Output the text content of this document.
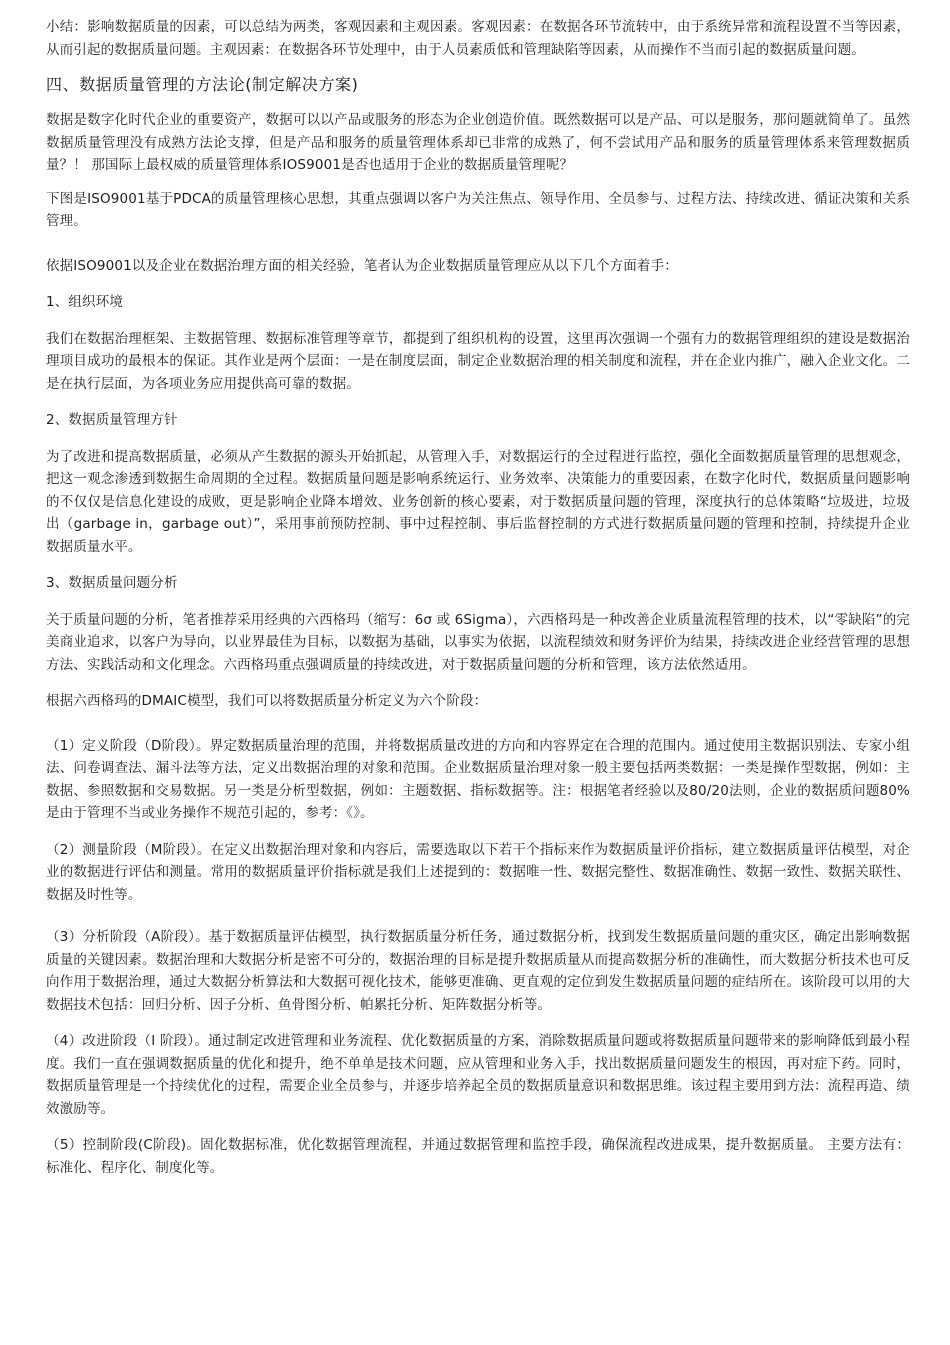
小结：影响数据质量的因素，可以总结为两类，客观因素和主观因素。客观因素：在数据各环节流转中，由于系统异常和流程设置不当等因素，从而引起的数据质量问题。主观因素：在数据各环节处理中，由于人员素质低和管理缺陷等因素，从而操作不当而引起的数据质量问题。

四、数据质量管理的方法论(制定解决方案)

数据是数字化时代企业的重要资产，数据可以以产品或服务的形态为企业创造价值。既然数据可以是产品、可以是服务，那问题就简单了。虽然数据质量管理没有成熟方法论支撑，但是产品和服务的质量管理体系却已非常的成熟了，何不尝试用产品和服务的质量管理体系来管理数据质量？！ 那国际上最权威的质量管理体系IOS9001是否也适用于企业的数据质量管理呢？

下图是ISO9001基于PDCA的质量管理核心思想，其重点强调以客户为关注焦点、领导作用、全员参与、过程方法、持续改进、循证决策和关系管理。

依据ISO9001以及企业在数据治理方面的相关经验，笔者认为企业数据质量管理应从以下几个方面着手：

1、组织环境

我们在数据治理框架、主数据管理、数据标准管理等章节，都提到了组织机构的设置，这里再次强调一个强有力的数据管理组织的建设是数据治理项目成功的最根本的保证。其作业是两个层面：一是在制度层面，制定企业数据治理的相关制度和流程，并在企业内推广，融入企业文化。二是在执行层面，为各项业务应用提供高可靠的数据。

2、数据质量管理方针

为了改进和提高数据质量，必须从产生数据的源头开始抓起，从管理入手，对数据运行的全过程进行监控，强化全面数据质量管理的思想观念，把这一观念渗透到数据生命周期的全过程。数据质量问题是影响系统运行、业务效率、决策能力的重要因素，在数字化时代，数据质量问题影响的不仅仅是信息化建设的成败，更是影响企业降本增效、业务创新的核心要素，对于数据质量问题的管理，深度执行的总体策略“垃圾进，垃圾出（garbage in，garbage out）”，采用事前预防控制、事中过程控制、事后监督控制的方式进行数据质量问题的管理和控制，持续提升企业数据质量水平。

3、数据质量问题分析

关于质量问题的分析，笔者推荐采用经典的六西格玛（缩写：6σ 或 6Sigma），六西格玛是一种改善企业质量流程管理的技术，以“零缺陷”的完美商业追求，以客户为导向，以业界最佳为目标，以数据为基础，以事实为依据，以流程绩效和财务评价为结果，持续改进企业经营管理的思想方法、实践活动和文化理念。六西格玛重点强调质量的持续改进，对于数据质量问题的分析和管理，该方法依然适用。

根据六西格玛的DMAIC模型，我们可以将数据质量分析定义为六个阶段：

（1）定义阶段（D阶段）。界定数据质量治理的范围，并将数据质量改进的方向和内容界定在合理的范围内。通过使用主数据识别法、专家小组法、问卷调查法、漏斗法等方法，定义出数据治理的对象和范围。企业数据质量治理对象一般主要包括两类数据：一类是操作型数据，例如：主数据、参照数据和交易数据。另一类是分析型数据，例如：主题数据、指标数据等。注：根据笔者经验以及80/20法则，企业的数据质问题80%是由于管理不当或业务操作不规范引起的，参考：《》。

（2）测量阶段（M阶段）。在定义出数据治理对象和内容后，需要选取以下若干个指标来作为数据质量评价指标，建立数据质量评估模型，对企业的数据进行评估和测量。常用的数据质量评价指标就是我们上述提到的：数据唯一性、数据完整性、数据准确性、数据一致性、数据关联性、数据及时性等。

（3）分析阶段（A阶段）。基于数据质量评估模型，执行数据质量分析任务，通过数据分析，找到发生数据质量问题的重灾区，确定出影响数据质量的关键因素。数据治理和大数据分析是密不可分的，数据治理的目标是提升数据质量从而提高数据分析的准确性，而大数据分析技术也可反向作用于数据治理，通过大数据分析算法和大数据可视化技术，能够更准确、更直观的定位到发生数据质量问题的症结所在。该阶段可以用的大数据技术包括：回归分析、因子分析、鱼骨图分析、帕累托分析、矩阵数据分析等。

（4）改进阶段（I 阶段）。通过制定改进管理和业务流程、优化数据质量的方案，消除数据质量问题或将数据质量问题带来的影响降低到最小程度。我们一直在强调数据质量的优化和提升，绝不单单是技术问题，应从管理和业务入手，找出数据质量问题发生的根因，再对症下药。同时，数据质量管理是一个持续优化的过程，需要企业全员参与，并逐步培养起全员的数据质量意识和数据思维。该过程主要用到方法：流程再造、绩效激励等。

（5）控制阶段(C阶段)。固化数据标准，优化数据管理流程，并通过数据管理和监控手段，确保流程改进成果，提升数据质量。 主要方法有：标准化、程序化、制度化等。
